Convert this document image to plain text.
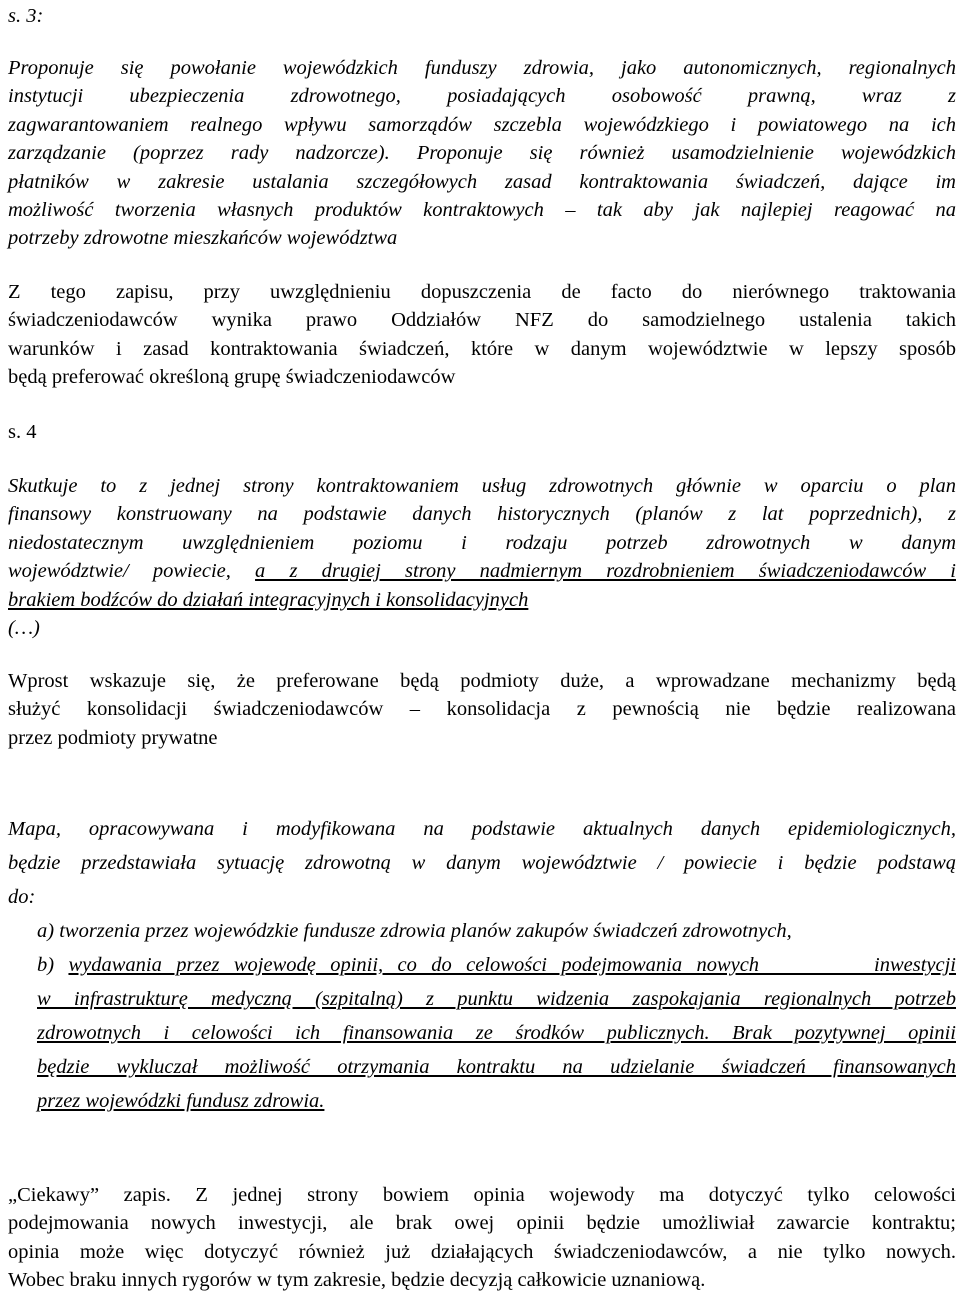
s. 3:
Proponuje się powołanie wojewódzkich funduszy zdrowia, jako autonomicznych, regionalnych
instytucji ubezpieczenia zdrowotnego, posiadających osobowość prawną, wraz z
zagwarantowaniem realnego wpływu samorządów szczebla wojewódzkiego i powiatowego na ich
zarządzanie (poprzez rady nadzorcze). Proponuje się również usamodzielnienie wojewódzkich
płatników w zakresie ustalania szczegółowych zasad kontraktowania świadczeń, dające im
możliwość tworzenia własnych produktów kontraktowych – tak aby jak najlepiej reagować na
potrzeby zdrowotne mieszkańców województwa
Z tego zapisu, przy uwzględnieniu dopuszczenia de facto do nierównego traktowania
świadczeniodawców wynika prawo Oddziałów NFZ do samodzielnego ustalenia takich
warunków i zasad kontraktowania świadczeń, które w danym województwie w lepszy sposób
będą preferować określoną grupę świadczeniodawców
s. 4
Skutkuje to z jednej strony kontraktowaniem usług zdrowotnych głównie w oparciu o plan
finansowy konstruowany na podstawie danych historycznych (planów z lat poprzednich), z
niedostatecznym uwzględnieniem poziomu i rodzaju potrzeb zdrowotnych w danym
województwie/ powiecie, a z drugiej strony nadmiernym rozdrobnieniem świadczeniodawców i
brakiem bodźców do działań integracyjnych i konsolidacyjnych
(…)
Wprost wskazuje się, że preferowane będą podmioty duże, a wprowadzane mechanizmy będą
służyć konsolidacji świadczeniodawców – konsolidacja z pewnością nie będzie realizowana
przez podmioty prywatne
Mapa, opracowywana i modyfikowana na podstawie aktualnych danych epidemiologicznych,
będzie przedstawiała sytuację zdrowotną w danym województwie / powiecie i będzie podstawą
do:
a) tworzenia przez wojewódzkie fundusze zdrowia planów zakupów świadczeń zdrowotnych,
b) wydawania przez wojewodę opinii, co do celowości podejmowania nowych        inwestycji
w infrastrukturę medyczną (szpitalną) z punktu widzenia zaspokajania regionalnych potrzeb
zdrowotnych i celowości ich finansowania ze środków publicznych. Brak pozytywnej opinii
będzie wykluczał możliwość otrzymania kontraktu na udzielanie świadczeń finansowanych
przez wojewódzki fundusz zdrowia.
„Ciekawy” zapis. Z jednej strony bowiem opinia wojewody ma dotyczyć tylko celowości
podejmowania nowych inwestycji, ale brak owej opinii będzie umożliwiał zawarcie kontraktu;
opinia może więc dotyczyć również już działających świadczeniodawców, a nie tylko nowych.
Wobec braku innych rygorów w tym zakresie, będzie decyzją całkowicie uznaniową.
